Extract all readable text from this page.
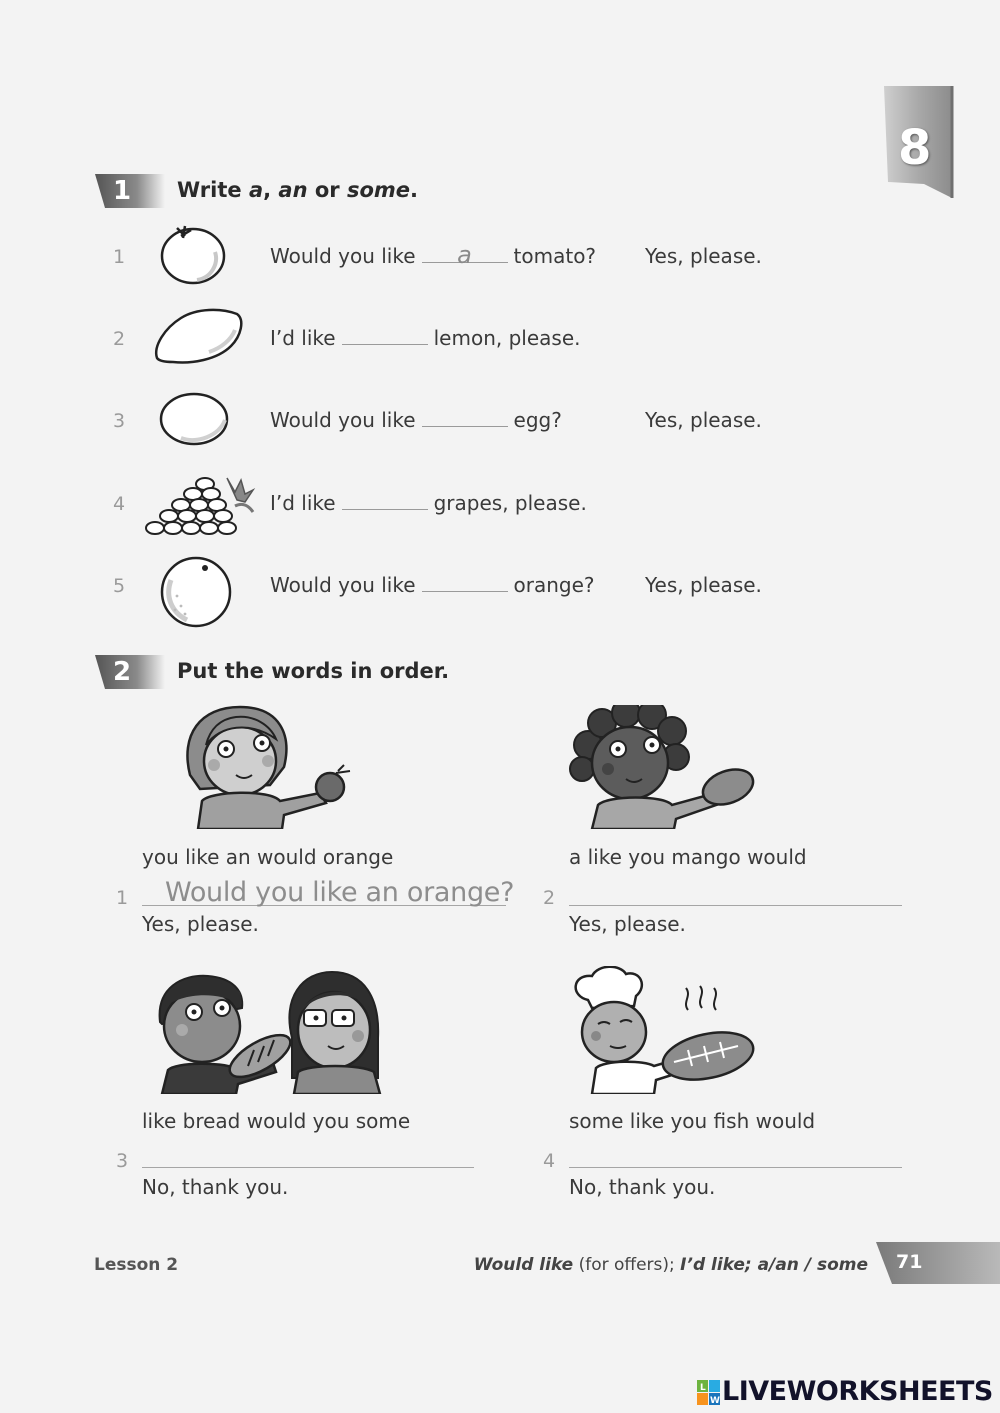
8
1	Write a, an or some.
1	Would you like a tomato? Yes, please.
2	I’d like	lemon, please.
3	Would you like	egg?	Yes, please.
4	I’d like	grapes, please.
5	Would you like	orange?	Yes, please.
2	Put the words in order.
you like an would orange
1 Would you like an orange?
Yes, please.
a like you mango would
2
Yes, please.
like bread would you some
3
No, thank you.
some like you fish would
4
No, thank you.
Lesson 2	Would like (for offers); I’d like; a/an / some 71
L
W LIVEWORKSHEETS
